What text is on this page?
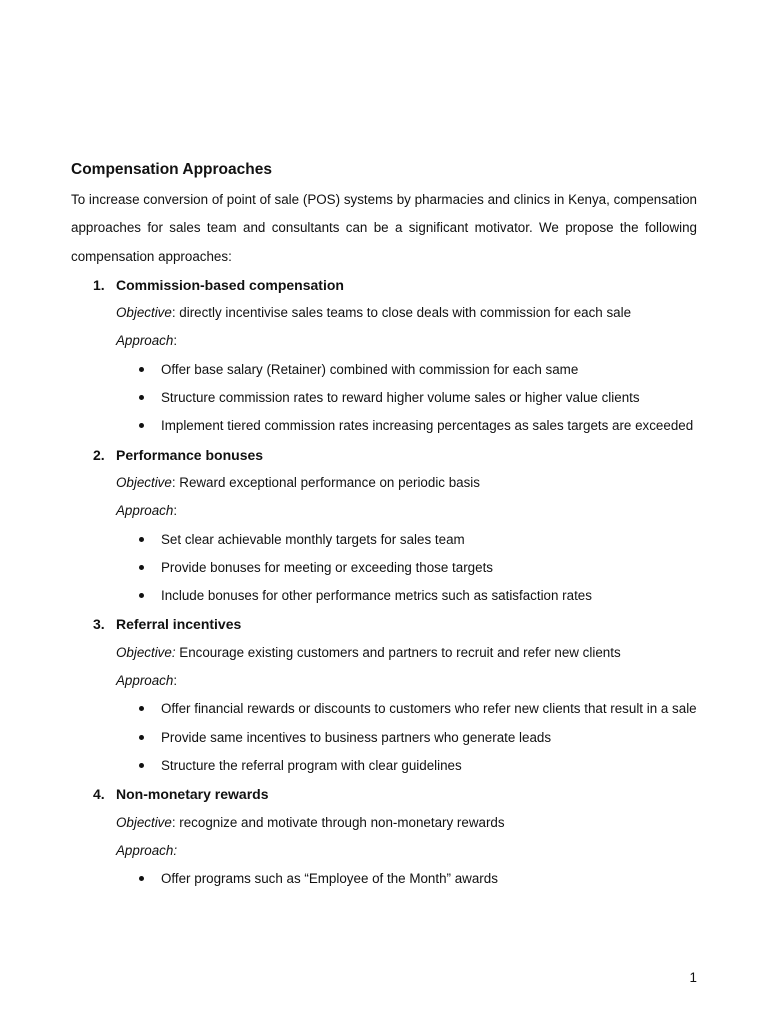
Compensation Approaches

To increase conversion of point of sale (POS) systems by pharmacies and clinics in Kenya, compensation approaches for sales team and consultants can be a significant motivator. We propose the following compensation approaches:

1. Commission-based compensation
Objective: directly incentivise sales teams to close deals with commission for each sale
Approach:
Offer base salary (Retainer) combined with commission for each same
Structure commission rates to reward higher volume sales or higher value clients
Implement tiered commission rates increasing percentages as sales targets are exceeded
2. Performance bonuses
Objective: Reward exceptional performance on periodic basis
Approach:
Set clear achievable monthly targets for sales team
Provide bonuses for meeting or exceeding those targets
Include bonuses for other performance metrics such as satisfaction rates
3. Referral incentives
Objective: Encourage existing customers and partners to recruit and refer new clients
Approach:
Offer financial rewards or discounts to customers who refer new clients that result in a sale
Provide same incentives to business partners who generate leads
Structure the referral program with clear guidelines
4. Non-monetary rewards
Objective: recognize and motivate through non-monetary rewards
Approach:
Offer programs such as “Employee of the Month” awards
1
